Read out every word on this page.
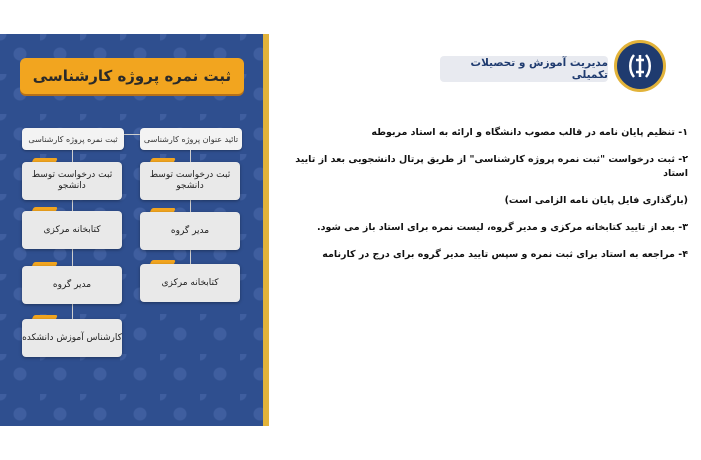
ثبت نمره پروژه کارشناسی
ثبت نمره پروژه کارشناسی
ثبت درخواست توسط دانشجو
کتابخانه مرکزی
مدیر گروه
کارشناس آموزش دانشکده
تائید عنوان پروژه کارشناسی
ثبت درخواست توسط دانشجو
مدیر گروه
کتابخانه مرکزی
مدیریت آموزش و تحصیلات تکمیلی

۱- تنظیم پایان نامه در قالب مصوب دانشگاه و ارائه به استاد مربوطه

۲- ثبت درخواست "ثبت نمره پروژه کارشناسی" از طریق پرتال دانشجویی بعد از تایید استاد

(بارگذاری فایل پایان نامه الزامی است)

۳- بعد از تایید کتابخانه مرکزی و مدیر گروه، لیست نمره برای استاد باز می شود.

۴- مراجعه به استاد برای ثبت نمره و سپس تایید مدیر گروه برای درج در کارنامه
